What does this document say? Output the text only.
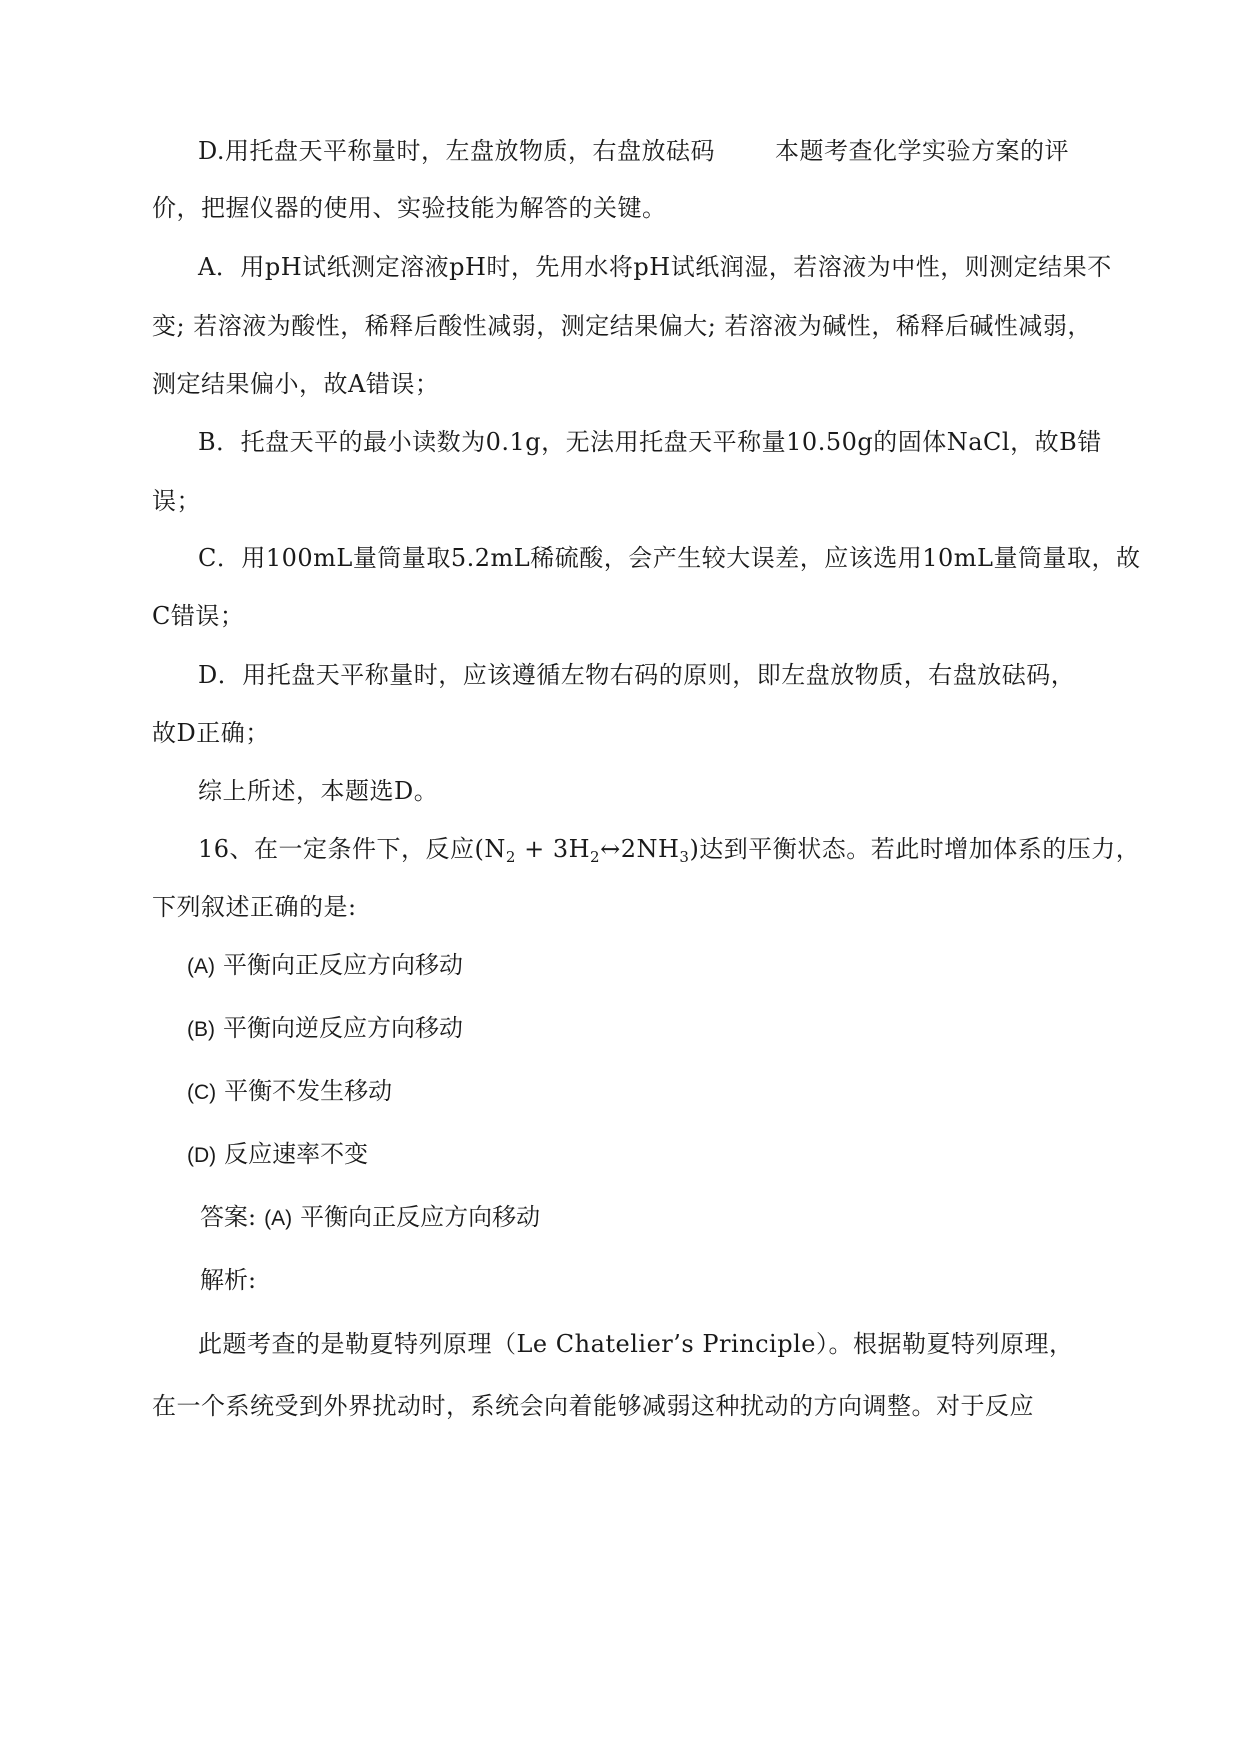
D.用托盘天平称量时，左盘放物质，右盘放砝码	本题考查化学实验方案的评
价，把握仪器的使用、实验技能为解答的关键。
A．用pH试纸测定溶液pH时，先用水将pH试纸润湿，若溶液为中性，则测定结果不
变; 若溶液为酸性，稀释后酸性减弱，测定结果偏大; 若溶液为碱性，稀释后碱性减弱，
测定结果偏小，故A错误；
B．托盘天平的最小读数为0.1g，无法用托盘天平称量10.50g的固体NaCl，故B错
误；
C．用100mL量筒量取5.2mL稀硫酸，会产生较大误差，应该选用10mL量筒量取，故
C错误；
D．用托盘天平称量时，应该遵循左物右码的原则，即左盘放物质，右盘放砝码，
故D正确；
综上所述，本题选D。
16、在一定条件下，反应($N_2$ + $3H_2\leftrightarrow 2NH_3$)达到平衡状态。若此时增加体系的压力，
下列叙述正确的是:
(A) 平衡向正反应方向移动
(B) 平衡向逆反应方向移动
(C) 平衡不发生移动
(D) 反应速率不变
答案: (A) 平衡向正反应方向移动
解析:
此题考查的是勒夏特列原理（Le Chatelier’s Principle）。根据勒夏特列原理，
在一个系统受到外界扰动时，系统会向着能够减弱这种扰动的方向调整。对于反应
